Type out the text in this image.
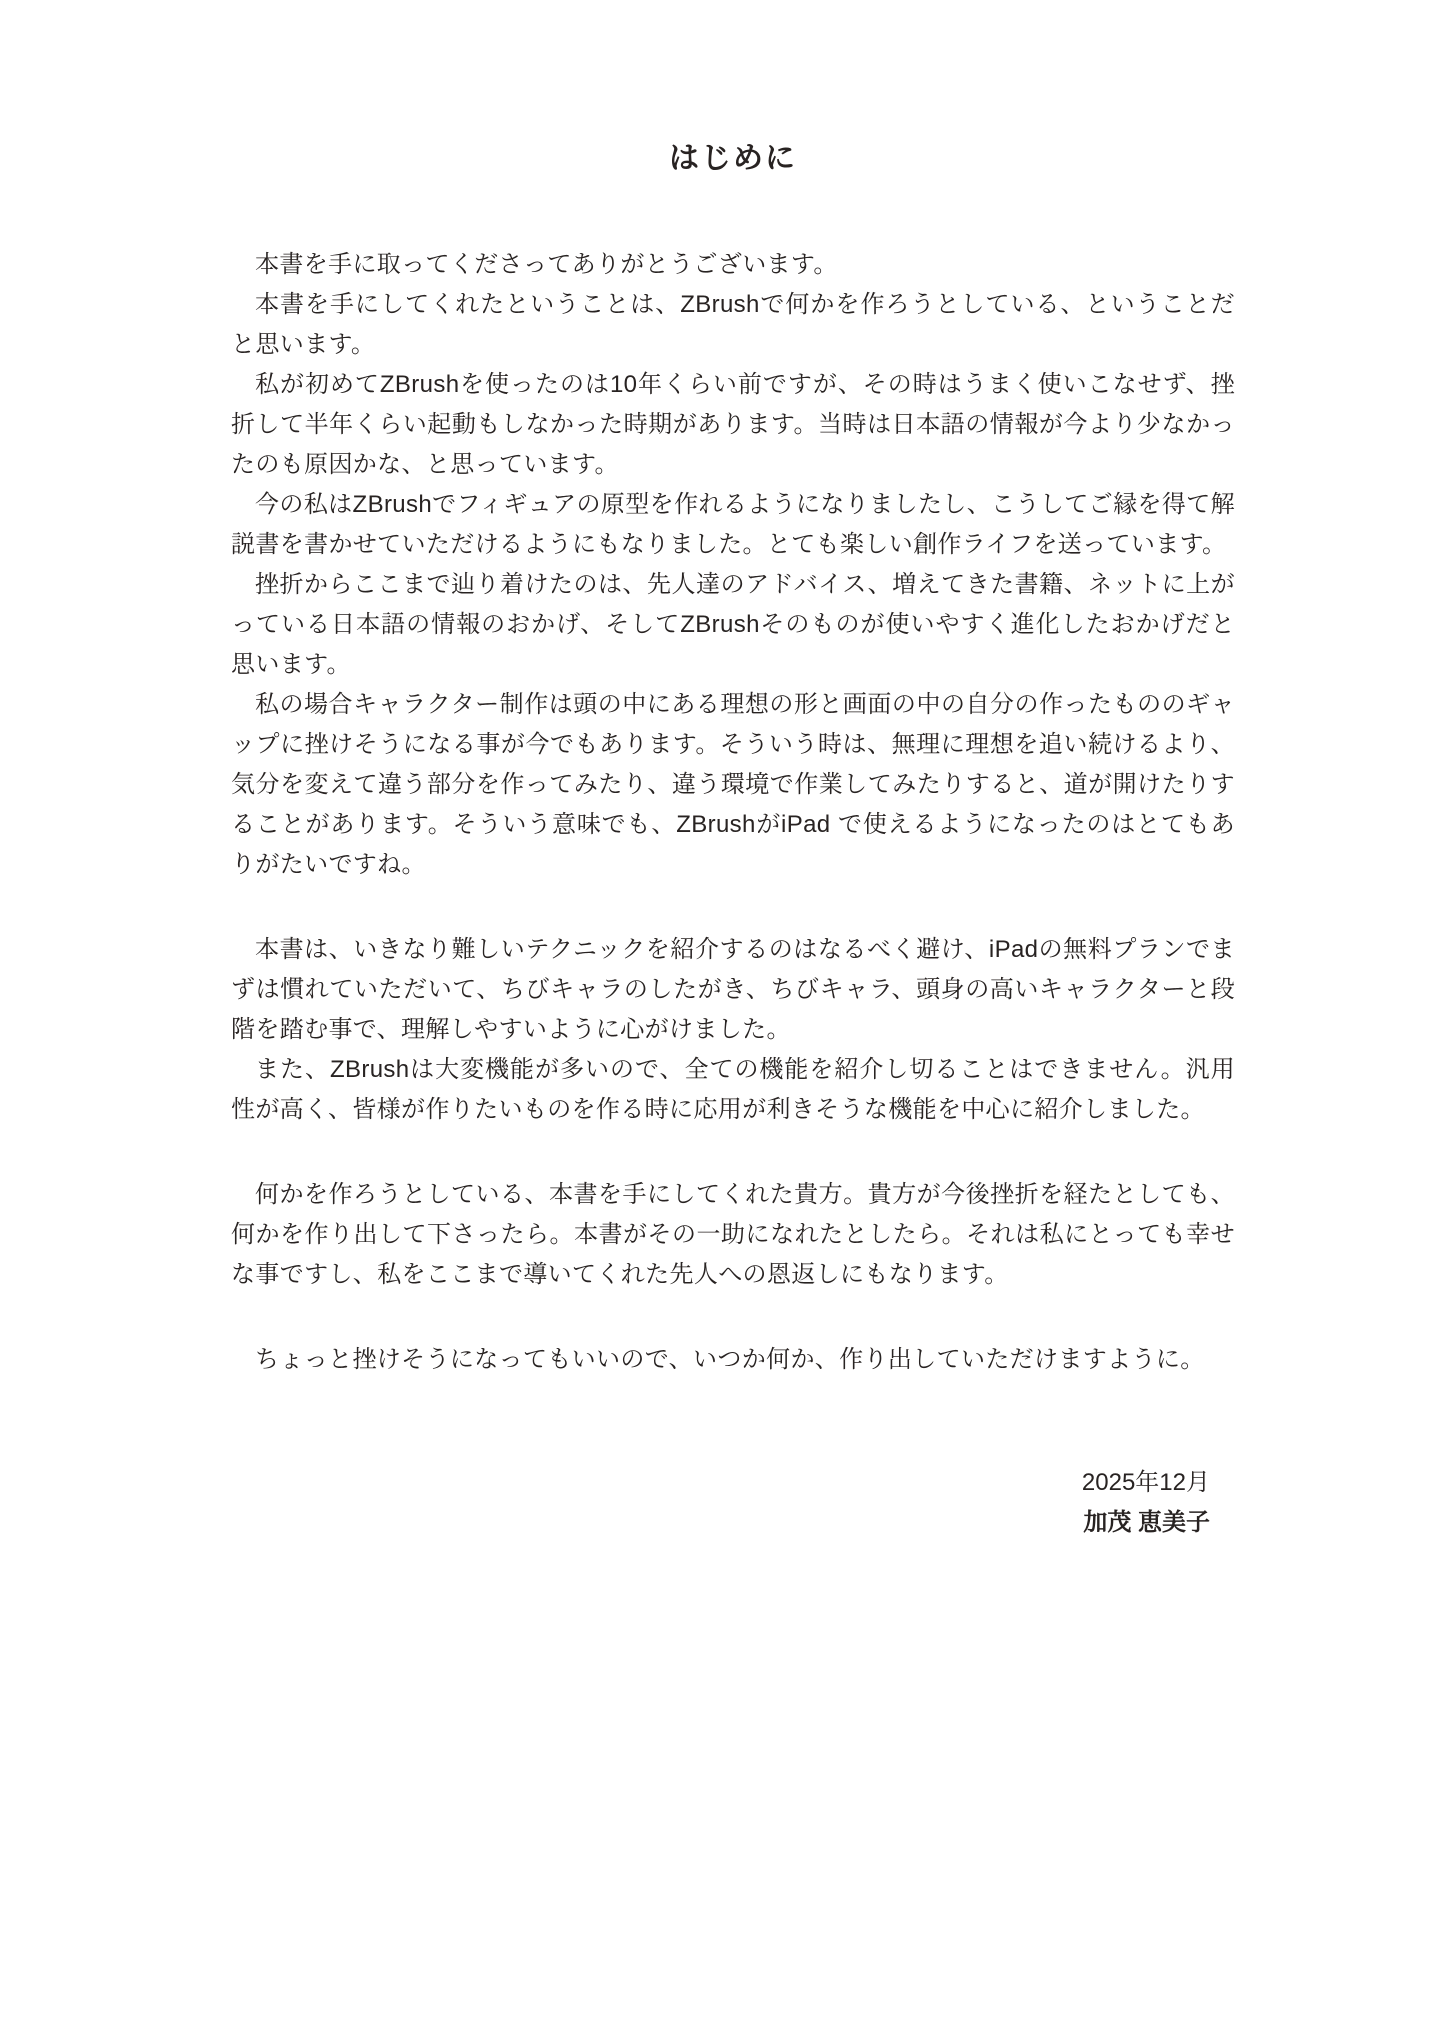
はじめに

本書を手に取ってくださってありがとうございます。

本書を手にしてくれたということは、ZBrushで何かを作ろうとしている、ということだと思います。

私が初めてZBrushを使ったのは10年くらい前ですが、その時はうまく使いこなせず、挫折して半年くらい起動もしなかった時期があります。当時は日本語の情報が今より少なかったのも原因かな、と思っています。

今の私はZBrushでフィギュアの原型を作れるようになりましたし、こうしてご縁を得て解説書を書かせていただけるようにもなりました。とても楽しい創作ライフを送っています。

挫折からここまで辿り着けたのは、先人達のアドバイス、増えてきた書籍、ネットに上がっている日本語の情報のおかげ、そしてZBrushそのものが使いやすく進化したおかげだと思います。

私の場合キャラクター制作は頭の中にある理想の形と画面の中の自分の作ったもののギャップに挫けそうになる事が今でもあります。そういう時は、無理に理想を追い続けるより、気分を変えて違う部分を作ってみたり、違う環境で作業してみたりすると、道が開けたりすることがあります。そういう意味でも、ZBrushがiPad で使えるようになったのはとてもありがたいですね。

本書は、いきなり難しいテクニックを紹介するのはなるべく避け、iPadの無料プランでまずは慣れていただいて、ちびキャラのしたがき、ちびキャラ、頭身の高いキャラクターと段階を踏む事で、理解しやすいように心がけました。

また、ZBrushは大変機能が多いので、全ての機能を紹介し切ることはできません。汎用性が高く、皆様が作りたいものを作る時に応用が利きそうな機能を中心に紹介しました。

何かを作ろうとしている、本書を手にしてくれた貴方。貴方が今後挫折を経たとしても、何かを作り出して下さったら。本書がその一助になれたとしたら。それは私にとっても幸せな事ですし、私をここまで導いてくれた先人への恩返しにもなります。

ちょっと挫けそうになってもいいので、いつか何か、作り出していただけますように。

2025年12月
加茂 恵美子
